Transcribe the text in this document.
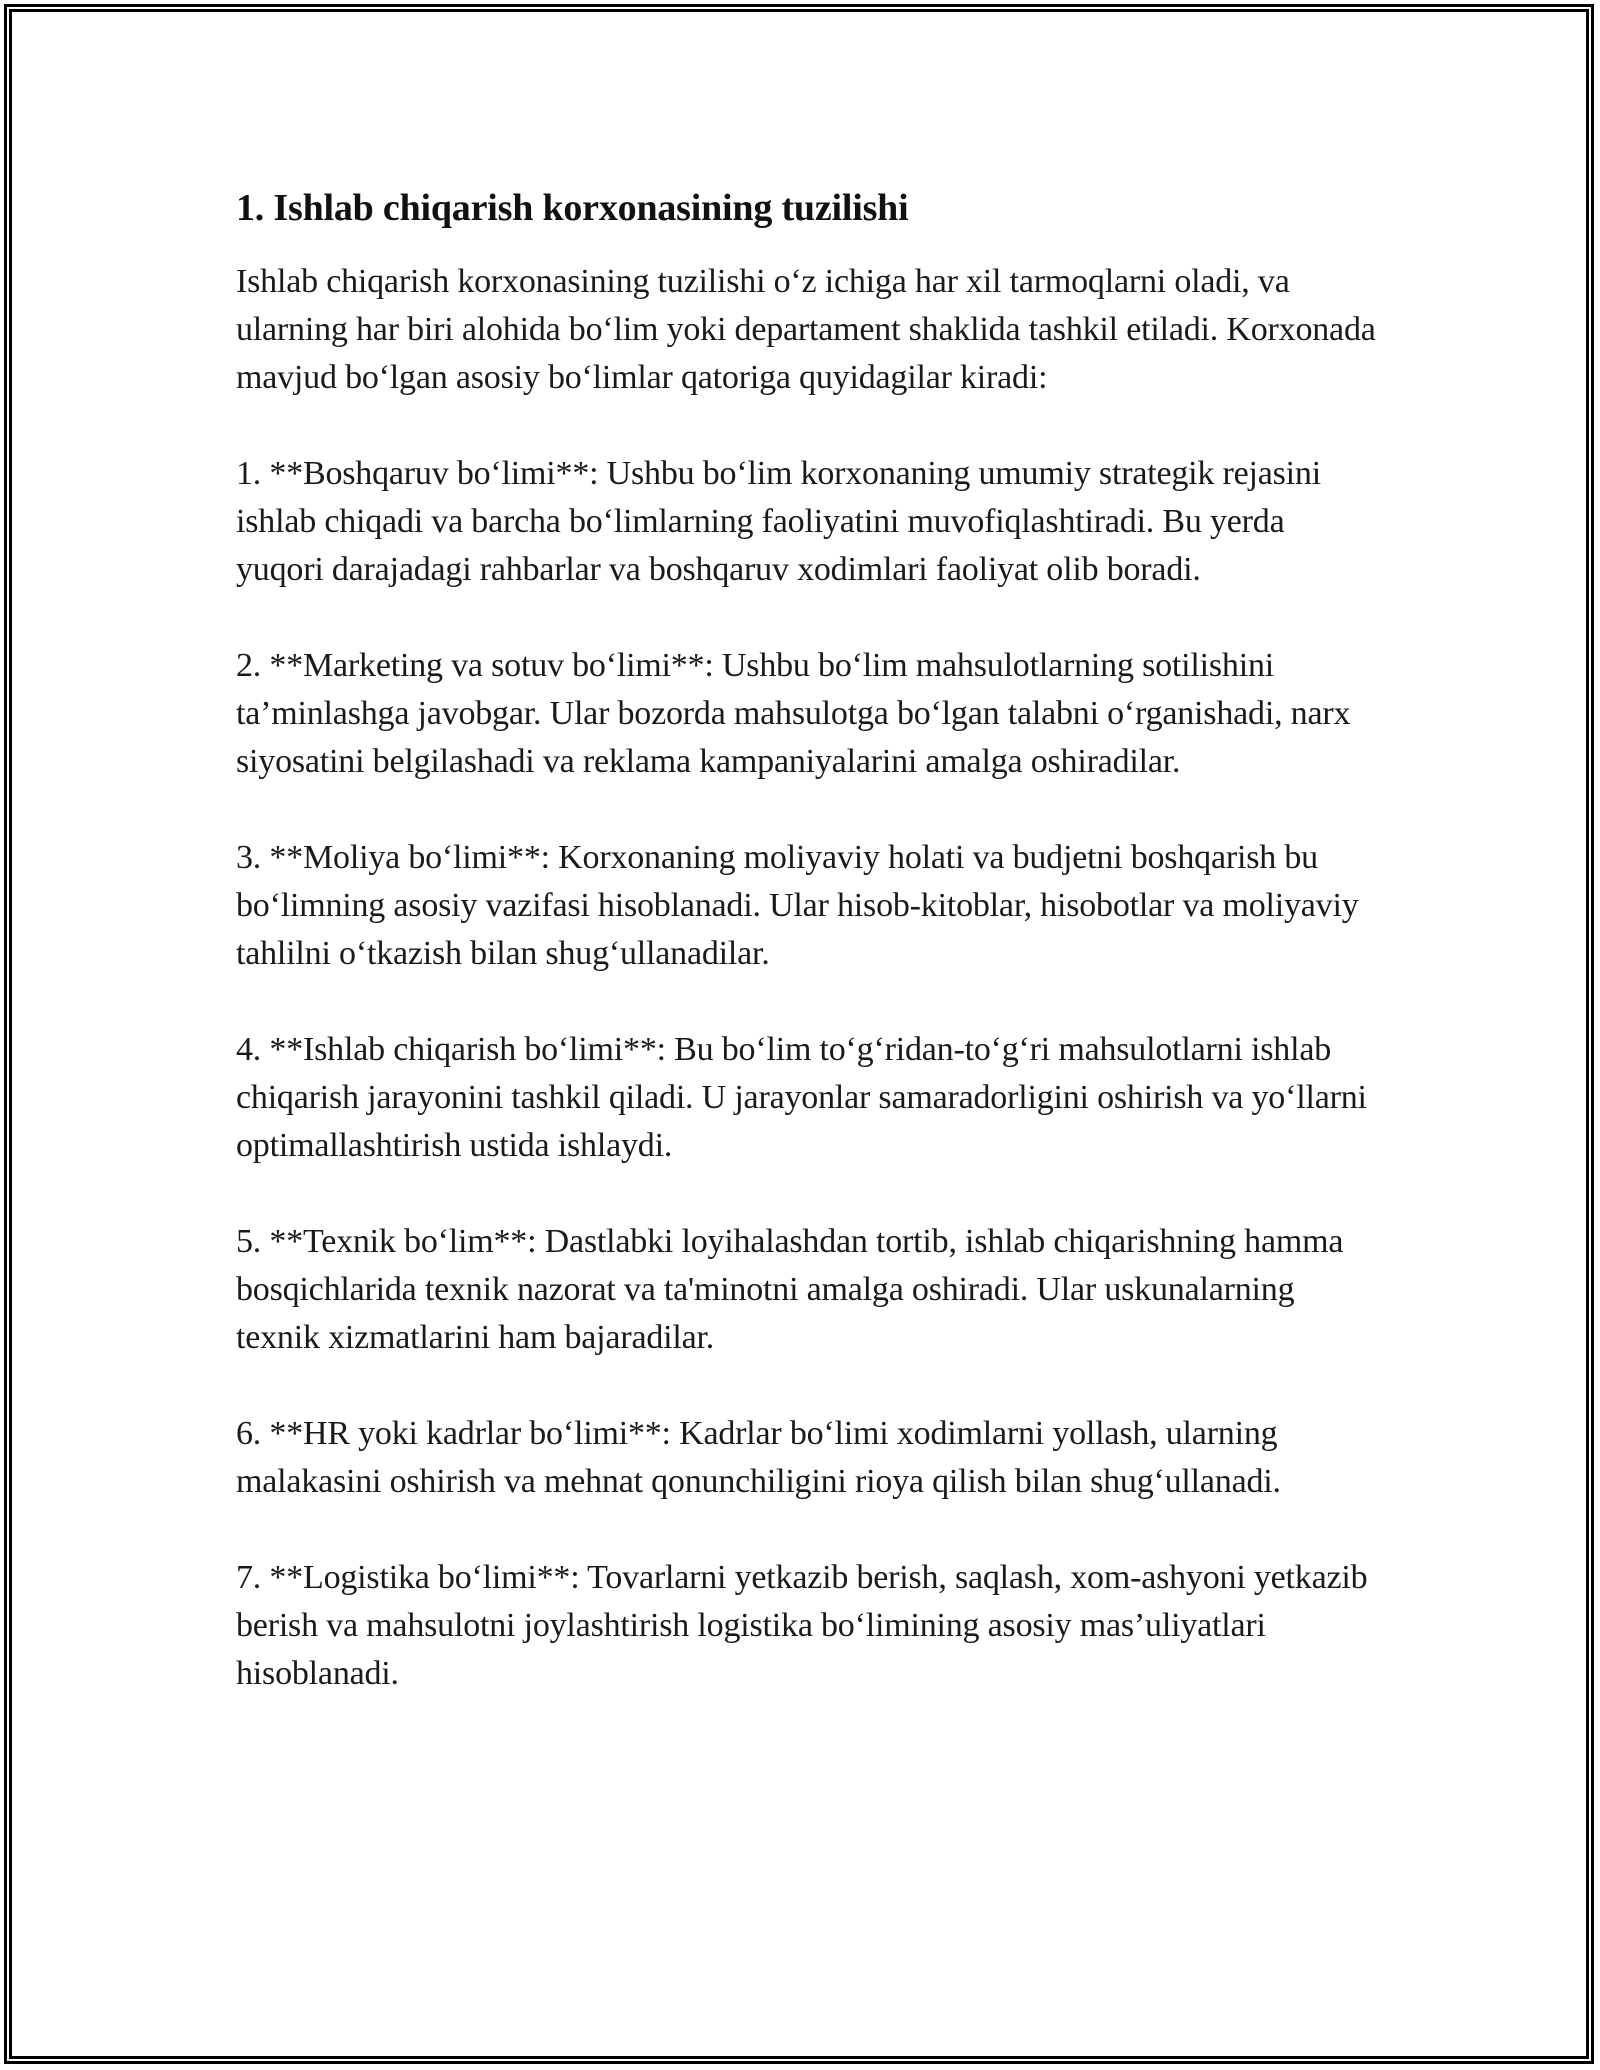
1. Ishlab chiqarish korxonasining tuzilishi

Ishlab chiqarish korxonasining tuzilishi o‘z ichiga har xil tarmoqlarni oladi, va ularning har biri alohida bo‘lim yoki departament shaklida tashkil etiladi. Korxonada mavjud bo‘lgan asosiy bo‘limlar qatoriga quyidagilar kiradi:

1. **Boshqaruv bo‘limi**: Ushbu bo‘lim korxonaning umumiy strategik rejasini ishlab chiqadi va barcha bo‘limlarning faoliyatini muvofiqlashtiradi. Bu yerda yuqori darajadagi rahbarlar va boshqaruv xodimlari faoliyat olib boradi.

2. **Marketing va sotuv bo‘limi**: Ushbu bo‘lim mahsulotlarning sotilishini ta’minlashga javobgar. Ular bozorda mahsulotga bo‘lgan talabni o‘rganishadi, narx siyosatini belgilashadi va reklama kampaniyalarini amalga oshiradilar.

3. **Moliya bo‘limi**: Korxonaning moliyaviy holati va budjetni boshqarish bu bo‘limning asosiy vazifasi hisoblanadi. Ular hisob-kitoblar, hisobotlar va moliyaviy tahlilni o‘tkazish bilan shug‘ullanadilar.

4. **Ishlab chiqarish bo‘limi**: Bu bo‘lim to‘g‘ridan-to‘g‘ri mahsulotlarni ishlab chiqarish jarayonini tashkil qiladi. U jarayonlar samaradorligini oshirish va yo‘llarni optimallashtirish ustida ishlaydi.

5. **Texnik bo‘lim**: Dastlabki loyihalashdan tortib, ishlab chiqarishning hamma bosqichlarida texnik nazorat va ta'minotni amalga oshiradi. Ular uskunalarning texnik xizmatlarini ham bajaradilar.

6. **HR yoki kadrlar bo‘limi**: Kadrlar bo‘limi xodimlarni yollash, ularning malakasini oshirish va mehnat qonunchiligini rioya qilish bilan shug‘ullanadi.

7. **Logistika bo‘limi**: Tovarlarni yetkazib berish, saqlash, xom-ashyoni yetkazib berish va mahsulotni joylashtirish logistika bo‘limining asosiy mas’uliyatlari hisoblanadi.
